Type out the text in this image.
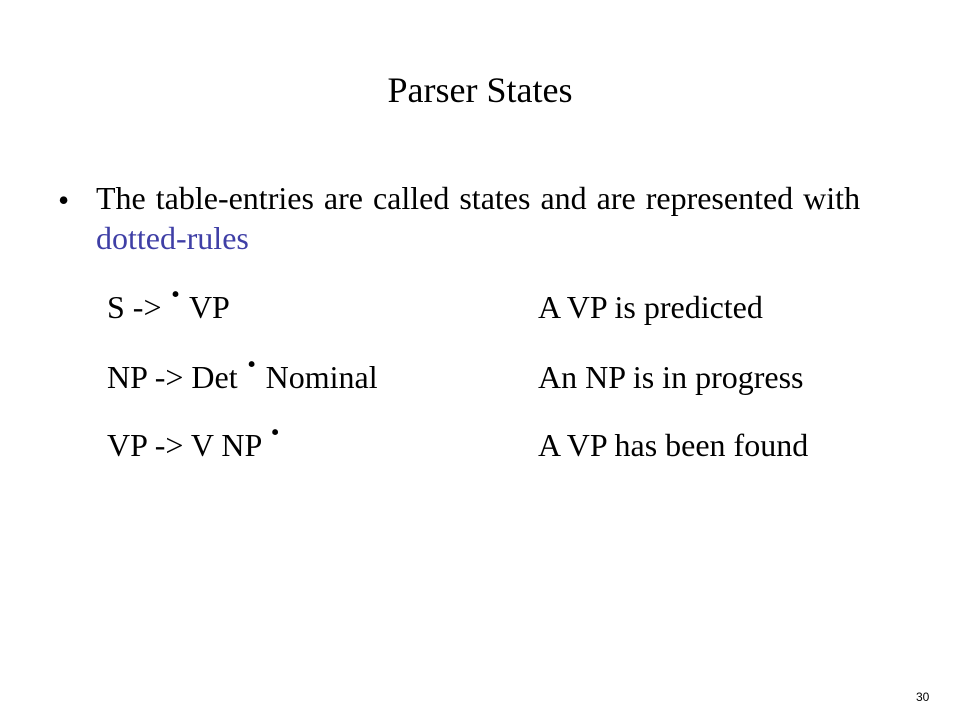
Parser States
• The table-entries are called states and are represented with dotted-rules
S -> · VP	A VP is predicted
NP -> Det · Nominal	An NP is in progress
VP -> V NP ·	A VP has been found
30
